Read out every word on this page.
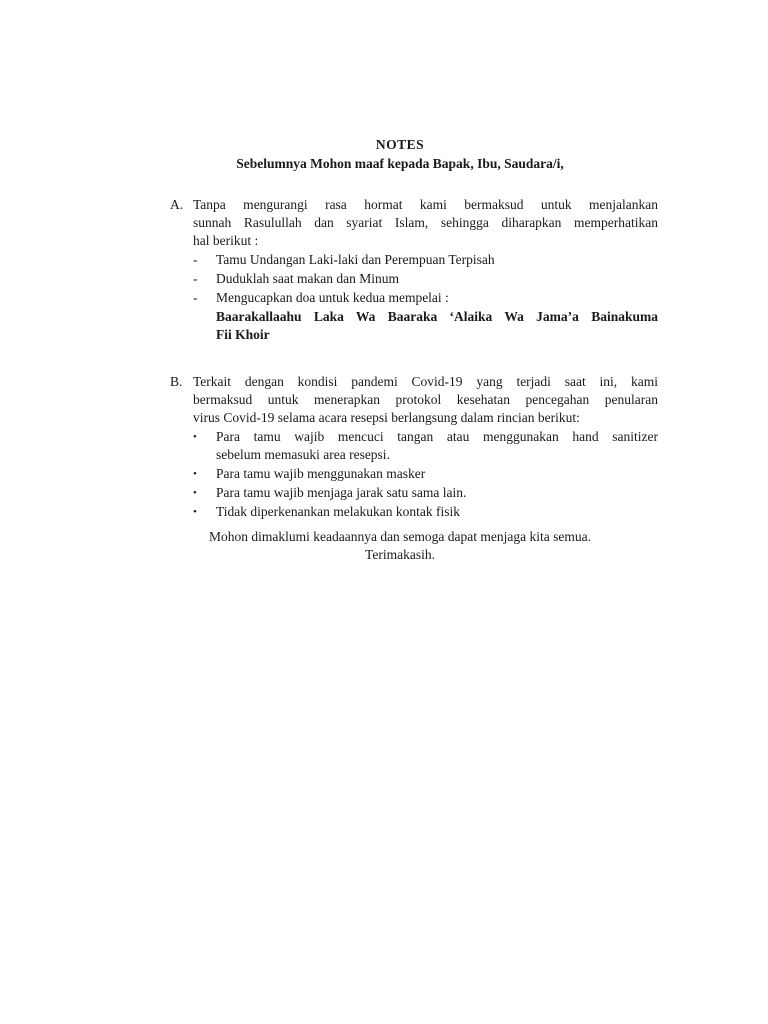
NOTES
Sebelumnya Mohon maaf kepada Bapak, Ibu, Saudara/i,
A. Tanpa mengurangi rasa hormat kami bermaksud untuk menjalankan
sunnah Rasulullah dan syariat Islam, sehingga diharapkan memperhatikan
hal berikut :
-	Tamu Undangan Laki-laki dan Perempuan Terpisah
-	Duduklah saat makan dan Minum
-	Mengucapkan doa untuk kedua mempelai :
Baarakallaahu Laka Wa Baaraka ‘Alaika Wa Jama’a Bainakuma
Fii Khoir
B. Terkait dengan kondisi pandemi Covid-19 yang terjadi saat ini, kami
bermaksud untuk menerapkan protokol kesehatan pencegahan penularan
virus Covid-19 selama acara resepsi berlangsung dalam rincian berikut:
•	Para tamu wajib mencuci tangan atau menggunakan hand sanitizer
sebelum memasuki area resepsi.
•	Para tamu wajib menggunakan masker
•	Para tamu wajib menjaga jarak satu sama lain.
•	Tidak diperkenankan melakukan kontak fisik
Mohon dimaklumi keadaannya dan semoga dapat menjaga kita semua.
Terimakasih.
